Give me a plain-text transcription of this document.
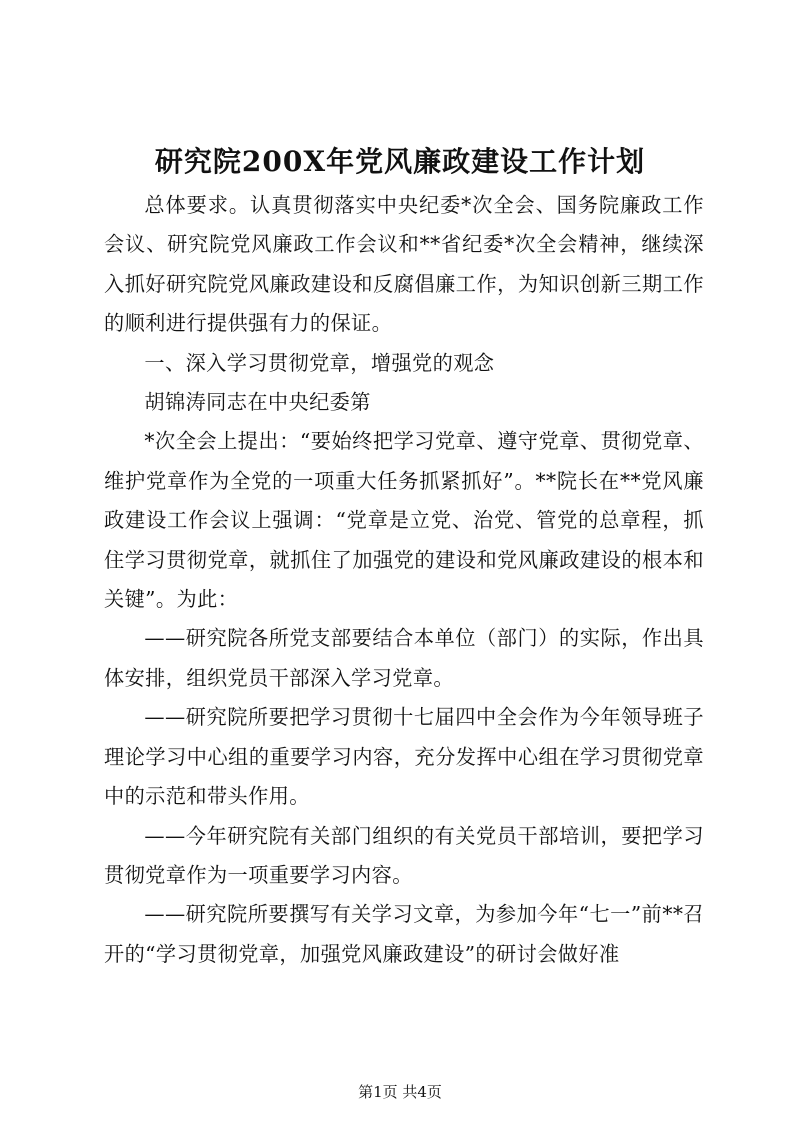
研究院200X年党风廉政建设工作计划

总体要求。认真贯彻落实中央纪委*次全会、国务院廉政工作会议、研究院党风廉政工作会议和**省纪委*次全会精神，继续深入抓好研究院党风廉政建设和反腐倡廉工作，为知识创新三期工作的顺利进行提供强有力的保证。

一、深入学习贯彻党章，增强党的观念

胡锦涛同志在中央纪委第

*次全会上提出：“要始终把学习党章、遵守党章、贯彻党章、维护党章作为全党的一项重大任务抓紧抓好”。**院长在**党风廉政建设工作会议上强调：“党章是立党、治党、管党的总章程，抓住学习贯彻党章，就抓住了加强党的建设和党风廉政建设的根本和关键”。为此：

——研究院各所党支部要结合本单位（部门）的实际，作出具体安排，组织党员干部深入学习党章。

——研究院所要把学习贯彻十七届四中全会作为今年领导班子理论学习中心组的重要学习内容，充分发挥中心组在学习贯彻党章中的示范和带头作用。

——今年研究院有关部门组织的有关党员干部培训，要把学习贯彻党章作为一项重要学习内容。

——研究院所要撰写有关学习文章，为参加今年“七一”前**召开的“学习贯彻党章，加强党风廉政建设”的研讨会做好准

第1页 共4页
